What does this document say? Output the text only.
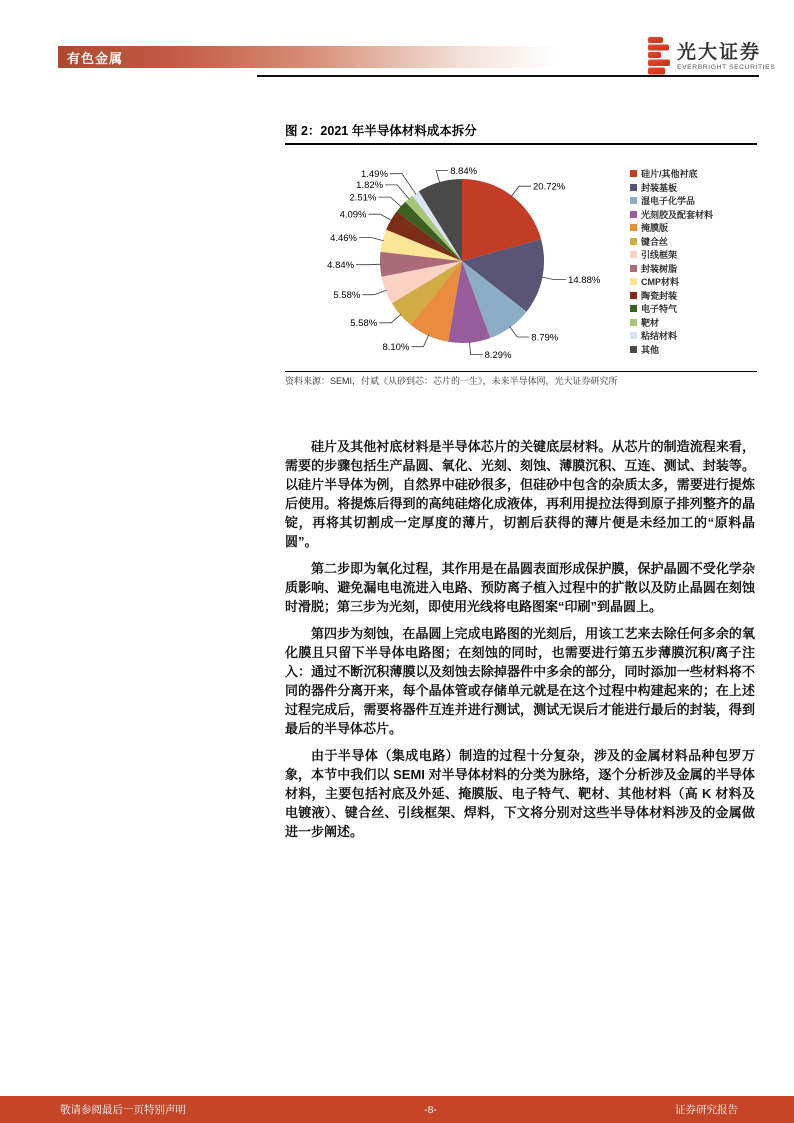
有色金属	光大证券
EVERBRIGHT SECURITIES
图 2：2021 年半导体材料成本拆分
20.72%
14.88%
8.79%
8.29%
8.10%
5.58%
5.58%
4.84%
4.46%
4.09%
2.51%
1.82%
1.49%	8.84%	硅片/其他衬底
封装基板
湿电子化学品
光刻胶及配套材料
掩膜版
键合丝
引线框架
封装树脂
CMP材料
陶瓷封装
电子特气
靶材
粘结材料
其他
资料来源：SEMI，付斌《从砂到芯：芯片的一生》，未来半导体网，光大证券研究所

硅片及其他衬底材料是半导体芯片的关键底层材料。从芯片的制造流程来看，需要的步骤包括生产晶圆、氧化、光刻、刻蚀、薄膜沉积、互连、测试、封装等。以硅片半导体为例，自然界中硅砂很多，但硅砂中包含的杂质太多，需要进行提炼后使用。将提炼后得到的高纯硅熔化成液体，再利用提拉法得到原子排列整齐的晶锭，再将其切割成一定厚度的薄片，切割后获得的薄片便是未经加工的“原料晶圆”。

第二步即为氧化过程，其作用是在晶圆表面形成保护膜，保护晶圆不受化学杂质影响、避免漏电电流进入电路、预防离子植入过程中的扩散以及防止晶圆在刻蚀时滑脱；第三步为光刻，即使用光线将电路图案“印刷”到晶圆上。

第四步为刻蚀，在晶圆上完成电路图的光刻后，用该工艺来去除任何多余的氧化膜且只留下半导体电路图；在刻蚀的同时，也需要进行第五步薄膜沉积/离子注入：通过不断沉积薄膜以及刻蚀去除掉器件中多余的部分，同时添加一些材料将不同的器件分离开来，每个晶体管或存储单元就是在这个过程中构建起来的；在上述过程完成后，需要将器件互连并进行测试，测试无误后才能进行最后的封装，得到最后的半导体芯片。

由于半导体（集成电路）制造的过程十分复杂，涉及的金属材料品种包罗万象，本节中我们以 SEMI 对半导体材料的分类为脉络，逐个分析涉及金属的半导体材料，主要包括衬底及外延、掩膜版、电子特气、靶材、其他材料（高 K 材料及电镀液）、键合丝、引线框架、焊料，下文将分别对这些半导体材料涉及的金属做进一步阐述。

敬请参阅最后一页特别声明	-8-	证券研究报告
